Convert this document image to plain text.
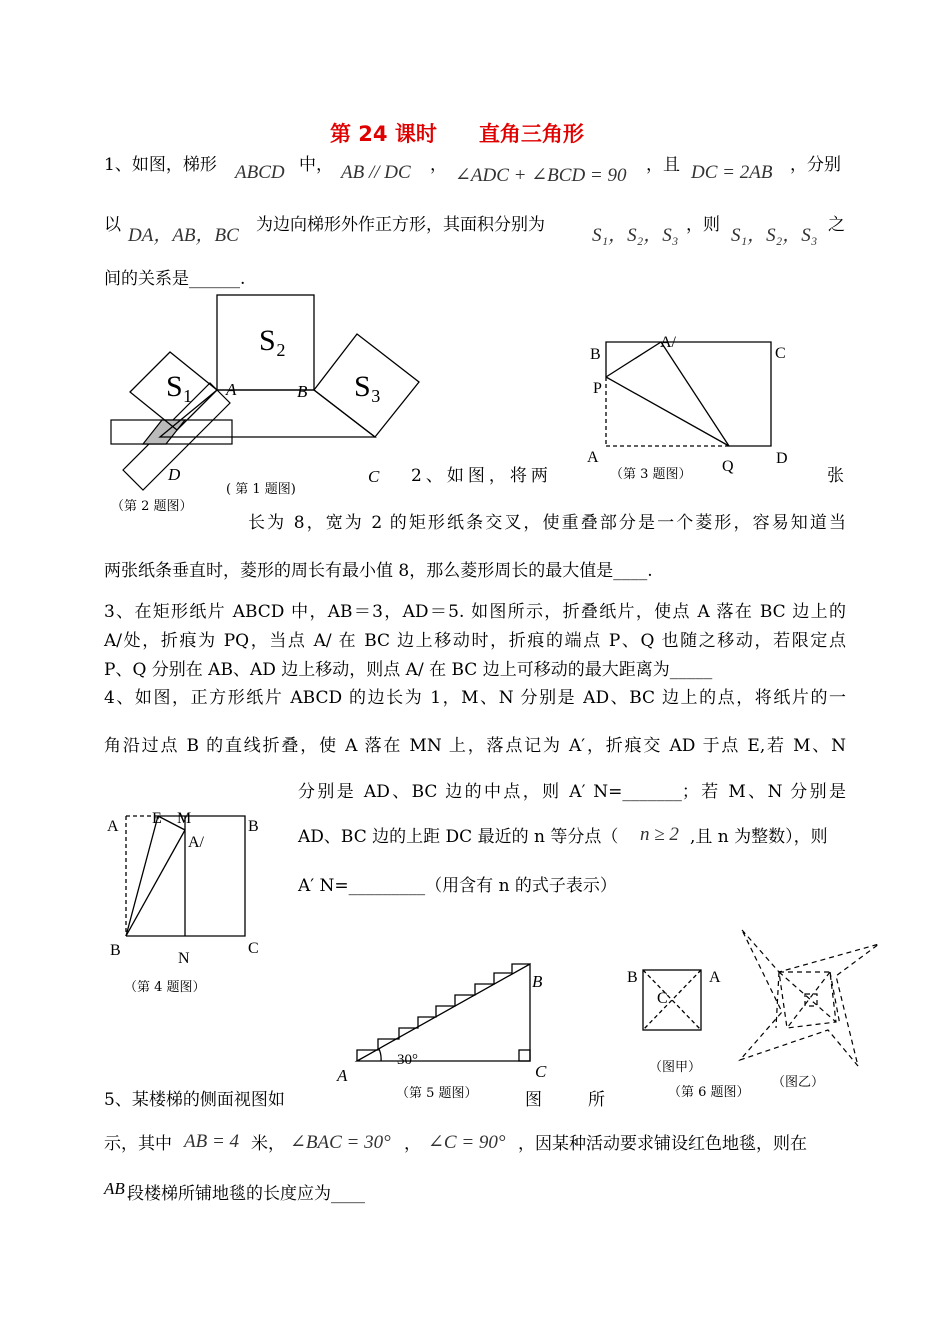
第 24 课时　　直角三角形
1、如图，梯形 ABCD 中， AB // DC ， ∠ADC + ∠BCD = 90 ，且 DC = 2AB ，分别
以 DA，AB，BC 为边向梯形外作正方形，其面积分别为 S₁，S₂，S₃ ，则 S₁，S₂，S₃ 之
间的关系是______.
S₁
S₂
S₃
A	B
C
D
( 第 1 题图)
（第 2 题图）
B
A/
C
P
A
Q	D
（第 3 题图）
2、如图，将两	张
长为 8，宽为 2 的矩形纸条交叉，使重叠部分是一个菱形，容易知道当
两张纸条垂直时，菱形的周长有最小值 8，那么菱形周长的最大值是____.
3、在矩形纸片 ABCD 中，AB＝3，AD＝5. 如图所示，折叠纸片，使点 A 落在 BC 边上的
A/处，折痕为 PQ，当点 A/ 在 BC 边上移动时，折痕的端点 P、Q 也随之移动，若限定点
P、Q 分别在 AB、AD 边上移动，则点 A/ 在 BC 边上可移动的最大距离为_____
4、如图，正方形纸片 ABCD 的边长为 1，M、N 分别是 AD、BC 边上的点，将纸片的一
角沿过点 B 的直线折叠，使 A 落在 MN 上，落点记为 A′，折痕交 AD 于点 E,若 M、N
分别是 AD、BC 边的中点，则 A′ N=_______；若 M、N 分别是
AD、BC 边的上距 DC 最近的 n 等分点（ n ≥ 2 ,且 n 为整数），则
A′ N=_________（用含有 n 的式子表示）
A E M	B
A/
B	N
C
（第 4 题图）	B
A	C
30°
（第 5 题图）
B	A
C
（图甲）
（图乙）
（第 6 题图）
5、某楼梯的侧面视图如	图　　所
示，其中 AB = 4 米， ∠BAC = 30° ， ∠C = 90° ，因某种活动要求铺设红色地毯，则在
AB 段楼梯所铺地毯的长度应为____
